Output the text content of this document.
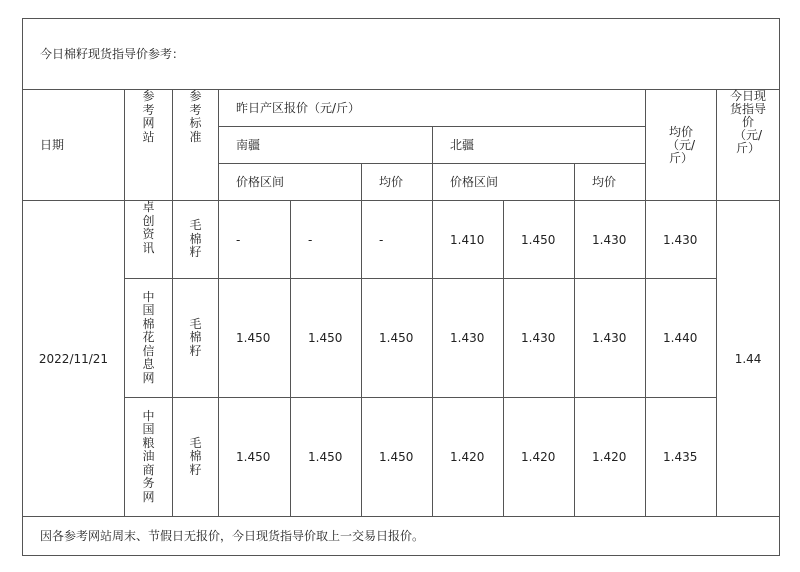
今日棉籽现货指导价参考：										
日期	参考网站	参考标准	昨日产区报价（元/斤）						均价（元/斤）	今日现货指导价（元/斤）
			南疆			北疆				
			价格区间		均价	价格区间		均价		
2022/11/21	卓创资讯	毛棉籽	-	-	-	1.410	1.450	1.430	1.430	1.44
	中国棉花信息网	毛棉籽	1.450	1.450	1.450	1.430	1.430	1.430	1.440	
	中国粮油商务网	毛棉籽	1.450	1.450	1.450	1.420	1.420	1.420	1.435	
因各参考网站周末、节假日无报价，今日现货指导价取上一交易日报价。										
